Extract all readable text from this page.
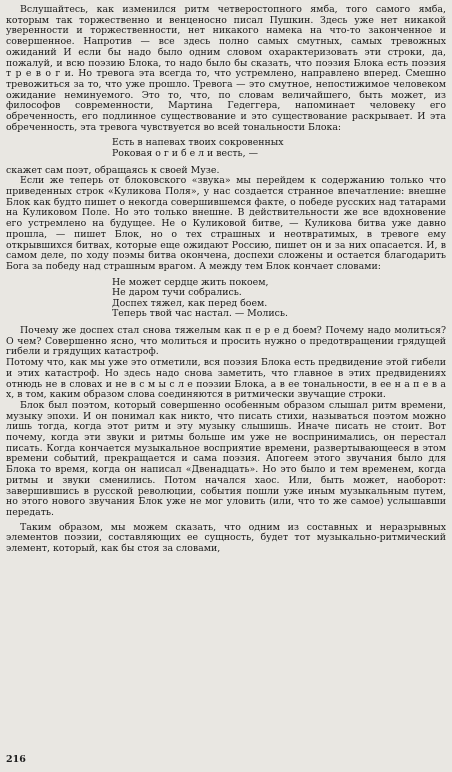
Вслушайтесь, как изменился ритм четверостопного ямба, того самого ямба, которым так торжественно и венценосно писал Пушкин. Здесь уже нет никакой уверенности и торжественности, нет никакого намека на что-то законченное и совершенное. Напротив — все здесь полно самых смутных, самых тревожных ожиданий И если бы надо было одним словом охарактеризовать эти строки, да, пожалуй, и всю поэзию Блока, то надо было бы сказать, что поэзия Блока есть поэзия т р е в о г и. Но тревога эта всегда то, что устремлено, направлено вперед. Смешно тревожиться за то, что уже прошло. Тревога — это смутное, непостижимое человеком ожидание неминуемого. Это то, что, по словам величайшего, быть может, из философов современности, Мартина Гедеггера, напоминает человеку его обреченность, его подлинное существование и это существование раскрывает. И эта обреченность, эта тревога чувствуется во всей тональности Блока:

Есть в напевах твоих сокровенных
Роковая о г и б е л и весть, —

скажет сам поэт, обращаясь к своей Музе.

Если же теперь от блоковского «звука» мы перейдем к содержанию только что приведенных строк «Куликова Поля», у нас создается странное впечатление: внешне Блок как будто пишет о некогда совершившемся факте, о победе русских над татарами на Куликовом Поле. Но это только внешне. В действительности же все вдохновение его устремлено на будущее. Не о Куликовой битве, — Куликова битва уже давно прошла, — пишет Блок, но о тех страшных и неотвратимых, в тревоге ему открывшихся битвах, которые еще ожидают Россию, пишет он и за них опасается. И, в самом деле, по ходу поэмы битва окончена, доспехи сложены и остается благодарить Бога за победу над страшным врагом. А между тем Блок кончает словами:

Не может сердце жить покоем,
Не даром тучи собрались.
Доспех тяжел, как перед боем.
Теперь твой час настал. — Молись.

Почему же доспех стал снова тяжелым как п е р е д боем? Почему надо молиться? О чем? Совершенно ясно, что молиться и просить нужно о предотвращении грядущей гибели и грядущих катастроф.

Потому что, как мы уже это отметили, вся поэзия Блока есть предвидение этой гибели и этих катастроф. Но здесь надо снова заметить, что главное в этих предвидениях отнюдь не в словах и не в с м ы с л е поэзии Блока, а в ее тональности, в ее н а п е в а х, в том, каким образом слова соединяются в ритмически звучащие строки.

Блок был поэтом, который совершенно особенным образом слышал ритм времени, музыку эпохи. И он понимал как никто, что писать стихи, называться поэтом можно лишь тогда, когда этот ритм и эту музыку слышишь. Иначе писать не стоит. Вот почему, когда эти звуки и ритмы больше им уже не воспринимались, он перестал писать. Когда кончается музыкальное восприятие времени, развертывающееся в этом времени событий, прекращается и сама поэзия. Апогеем этого звучания было для Блока то время, когда он написал «Двенадцать». Но это было и тем временем, когда ритмы и звуки сменились. Потом начался хаос. Или, быть может, наоборот: завершившись в русской революции, события пошли уже иным музыкальным путем, но этого нового звучания Блок уже не мог уловить (или, что то же самое) услышавши передать.

Таким образом, мы можем сказать, что одним из составных и неразрывных элементов поэзии, составляющих ее сущность, будет тот музыкально-ритмический элемент, который, как бы стоя за словами,

216
